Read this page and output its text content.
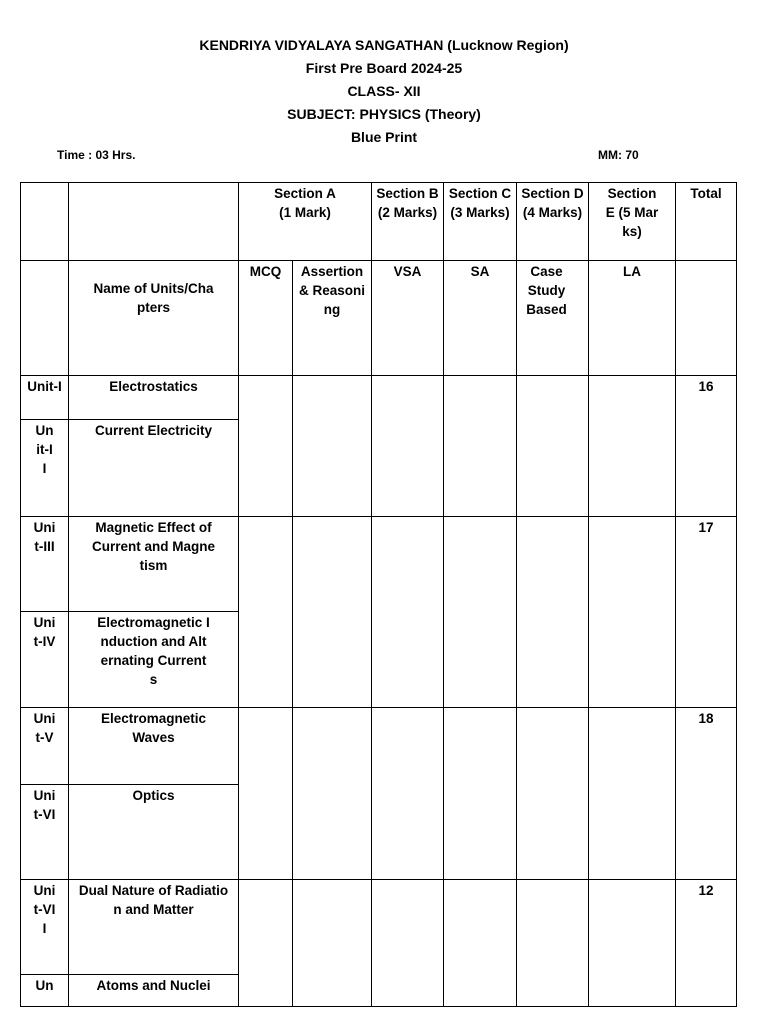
KENDRIYA VIDYALAYA SANGATHAN (Lucknow Region)
First Pre Board 2024-25
CLASS- XII
SUBJECT: PHYSICS (Theory)
Blue Print
Time : 03 Hrs.	MM: 70
		Section A (1 Mark)		Section B (2 Marks)	Section C (3 Marks)	Section D (4 Marks)	Section E (5 Marks)	Total
	Name of Units/Chapters	MCQ	Assertion & Reasoning	VSA	SA	Case Study Based	LA	
Unit-I	Electrostatics							16
Unit-II	Current Electricity							
Unit-III	Magnetic Effect of Current and Magnetism							17
Unit-IV	Electromagnetic Induction and Alternating Currents							
Unit-V	Electromagnetic Waves							18
Unit-VI	Optics							
Unit-VII	Dual Nature of Radiation and Matter							12
Un	Atoms and Nuclei							
